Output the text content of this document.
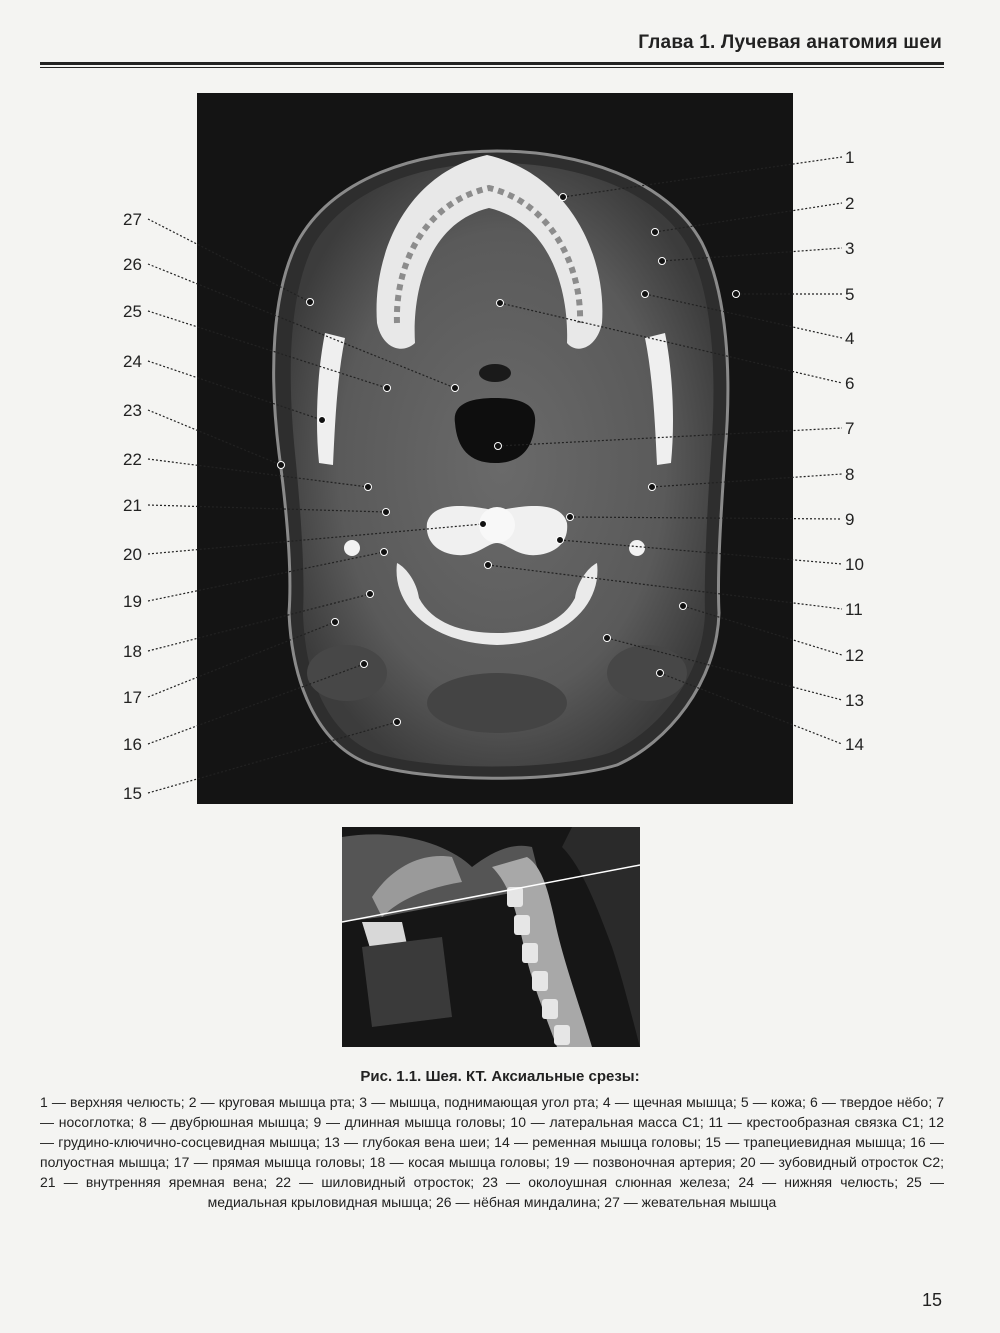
Глава 1. Лучевая анатомия шеи
1
2
3
5
4
6
7
8
9
10
11
12
13
14
27
26
25
24
23
22
21
20
19
18
17
16
15
Рис. 1.1. Шея. КТ. Аксиальные срезы:
1 — верхняя челюсть; 2 — круговая мышца рта; 3 — мышца, поднимающая угол рта; 4 — щечная мышца; 5 — кожа; 6 — твердое нёбо; 7 — носоглотка; 8 — двубрюшная мышца; 9 — длинная мышца головы; 10 — латеральная масса С1; 11 — крестообразная связка С1; 12 — грудино-ключично-сосцевидная мышца; 13 — глубокая вена шеи; 14 — ременная мышца головы; 15 — трапециевидная мышца; 16 — полуостная мышца; 17 — прямая мышца головы; 18 — косая мышца головы; 19 — позвоночная артерия; 20 — зубовидный отросток С2; 21 — внутренняя яремная вена; 22 — шиловидный отросток; 23 — околоушная слюнная железа; 24 — нижняя челюсть; 25 — медиальная крыловидная мышца; 26 — нёбная миндалина; 27 — жевательная мышца
15
